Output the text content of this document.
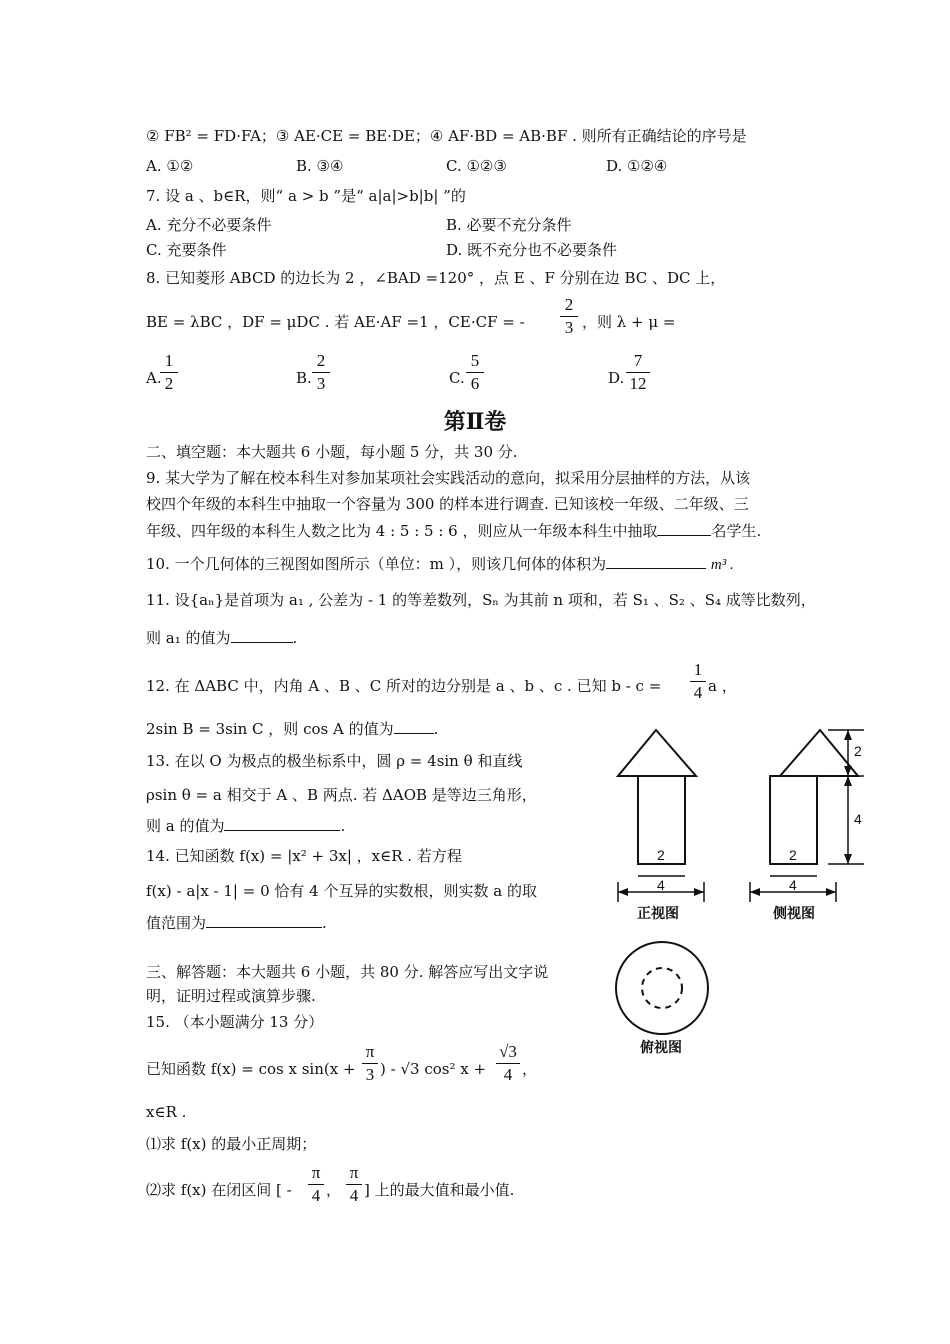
② FB² = FD·FA；③ AE·CE = BE·DE；④ AF·BD = AB·BF . 则所有正确结论的序号是
A. ①②	B. ③④	C. ①②③	D. ①②④
7. 设 a 、b∈R，则“ a > b ”是“ a|a|>b|b| ”的
A. 充分不必要条件	B. 必要不充分条件
C. 充要条件	D. 既不充分也不必要条件
8. 已知菱形 ABCD 的边长为 2 ，∠BAD =120° ，点 E 、F 分别在边 BC 、DC 上，
BE = λBC ，DF = μDC . 若 AE·AF =1 ，CE·CF = -
2
3 ，则 λ + μ =
A.
1
2	B.
2
3	C.
5
6	D.
7
12
第Ⅱ卷
二、填空题：本大题共 6 小题，每小题 5 分，共 30 分.
9. 某大学为了解在校本科生对参加某项社会实践活动的意向，拟采用分层抽样的方法，从该
校四个年级的本科生中抽取一个容量为 300 的样本进行调查. 已知该校一年级、二年级、三
年级、四年级的本科生人数之比为 4 : 5 : 5 : 6 ，则应从一年级本科生中抽取	名学生.
10. 一个几何体的三视图如图所示（单位：m ），则该几何体的体积为	m³ .
11. 设{aₙ}是首项为 a₁ , 公差为 - 1 的等差数列，Sₙ 为其前 n 项和，若 S₁ 、S₂ 、S₄ 成等比数列，
则 a₁ 的值为	.
12. 在 ΔABC 中，内角 A 、B 、C 所对的边分别是 a 、b 、c . 已知 b - c =
1
4 a ，
2sin B = 3sin C ，则 cos A 的值为	.
13. 在以 O 为极点的极坐标系中，圆 ρ = 4sin θ 和直线
ρsin θ = a 相交于 A 、B 两点. 若 ΔAOB 是等边三角形，
则 a 的值为	.
14. 已知函数 f(x) = |x² + 3x| ，x∈R . 若方程
f(x) - a|x - 1| = 0 恰有 4 个互异的实数根，则实数 a 的取
值范围为	.
三、解答题：本大题共 6 小题，共 80 分. 解答应写出文字说
明，证明过程或演算步骤.
15. （本小题满分 13 分）
已知函数 f(x) = cos x sin(x +
π
3 ) - √3 cos² x +
√3
4 ，
x∈R .
⑴求 f(x) 的最小正周期；
⑵求 f(x) 在闭区间 [ -
π
4 ，
π
4 ] 上的最大值和最小值.
2
4
2
4
2
4
正视图	侧视图
俯视图
